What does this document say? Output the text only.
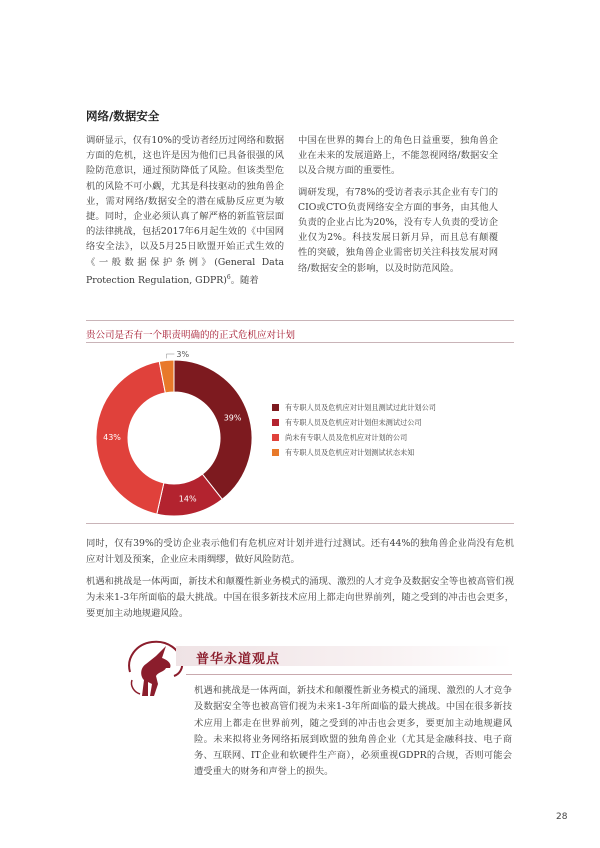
网络/数据安全

调研显示，仅有10%的受访者经历过网络和数据方面的危机，这也许是因为他们已具备很强的风险防范意识，通过预防降低了风险。但该类型危机的风险不可小觑，尤其是科技驱动的独角兽企业，需对网络/数据安全的潜在威胁反应更为敏捷。同时，企业必须认真了解严格的新监管层面的法律挑战，包括2017年6月起生效的《中国网络安全法》，以及5月25日欧盟开始正式生效的《一般数据保护条例》(General Data Protection Regulation, GDPR)$^6$。随着

中国在世界的舞台上的角色日益重要，独角兽企业在未来的发展道路上，不能忽视网络/数据安全以及合规方面的重要性。

调研发现，有78%的受访者表示其企业有专门的CIO或CTO负责网络安全方面的事务，由其他人负责的企业占比为20%，没有专人负责的受访企业仅为2%。科技发展日新月异，而且总有颠覆性的突破，独角兽企业需密切关注科技发展对网络/数据安全的影响，以及时防范风险。

贵公司是否有一个职责明确的的正式危机应对计划
39%
14%
43%
3%
有专职人员及危机应对计划且测试过此计划公司
有专职人员及危机应对计划但未测试过公司
尚未有专职人员及危机应对计划的公司
有专职人员及危机应对计划测试状态未知

同时，仅有39%的受访企业表示他们有危机应对计划并进行过测试。还有44%的独角兽企业尚没有危机应对计划及预案，企业应未雨绸缪，做好风险防范。

机遇和挑战是一体两面，新技术和颠覆性新业务模式的涌现、激烈的人才竞争及数据安全等也被高管们视为未来1-3年所面临的最大挑战。中国在很多新技术应用上都走向世界前列，随之受到的冲击也会更多，要更加主动地规避风险。

普华永道观点
机遇和挑战是一体两面，新技术和颠覆性新业务模式的涌现、激烈的人才竞争及数据安全等也被高管们视为未来1-3年所面临的最大挑战。中国在很多新技术应用上都走在世界前列，随之受到的冲击也会更多，要更加主动地规避风险。未来拟将业务网络拓展到欧盟的独角兽企业（尤其是金融科技、电子商务、互联网、IT企业和软硬件生产商），必须重视GDPR的合规，否则可能会遭受重大的财务和声誉上的损失。
28
